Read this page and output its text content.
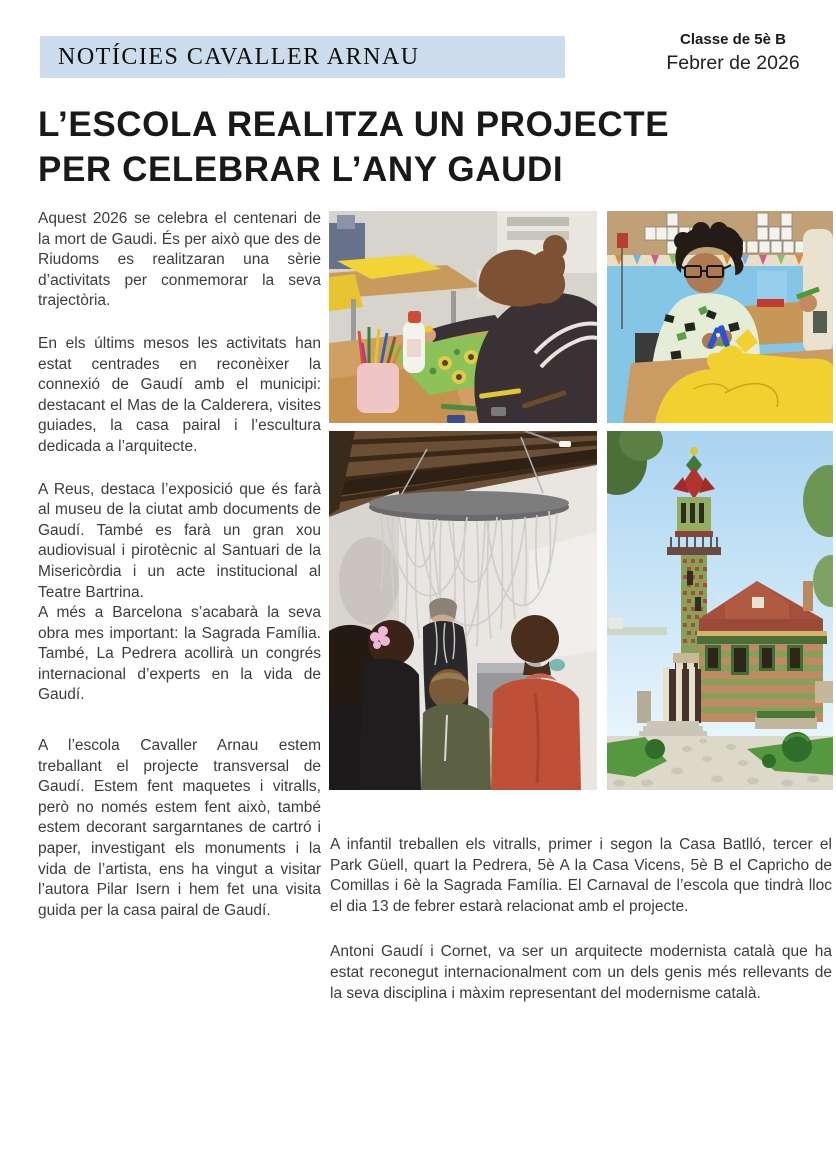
NOTÍCIES CAVALLER ARNAU
Classe de 5è B
Febrer de 2026
L’ESCOLA REALITZA UN PROJECTE
PER CELEBRAR L’ANY GAUDI

Aquest 2026 se celebra el centenari de la mort de Gaudi. És per això que des de Riudoms es realitzaran una sèrie d’activitats per conmemorar la seva trajectòria.

En els últims mesos les activitats han estat centrades en reconèixer la connexió de Gaudí amb el municipi: destacant el Mas de la Calderera, visites guiades, la casa pairal i l’escultura dedicada a l’arquitecte.

A Reus, destaca l’exposició que és farà al museu de la ciutat amb documents de Gaudí. També es farà un gran xou audiovisual i pirotècnic al Santuari de la Misericòrdia i un acte institucional al Teatre Bartrina.

A més a Barcelona s’acabarà la seva obra mes important: la Sagrada Família. També, La Pedrera acollirà un congrés internacional d’experts en la vida de Gaudí.

A l’escola Cavaller Arnau estem treballant el projecte transversal de Gaudí. Estem fent maquetes i vitralls, però no només estem fent això, també estem decorant sargarntanes de cartró i paper, investigant els monuments i la vida de l’artista, ens ha vingut a visitar l’autora Pilar Isern i hem fet una visita guida per la casa pairal de Gaudí.

A infantil treballen els vitralls, primer i segon la Casa Batlló, tercer el Park Güell, quart la Pedrera, 5è A la Casa Vicens, 5è B el Capricho de Comillas i 6è la Sagrada Família. El Carnaval de l’escola que tindrà lloc el dia 13 de febrer estarà relacionat amb el projecte.

Antoni Gaudí i Cornet, va ser un arquitecte modernista català que ha estat reconegut internacionalment com un dels genis més rellevants de la seva disciplina i màxim representant del modernisme català.
